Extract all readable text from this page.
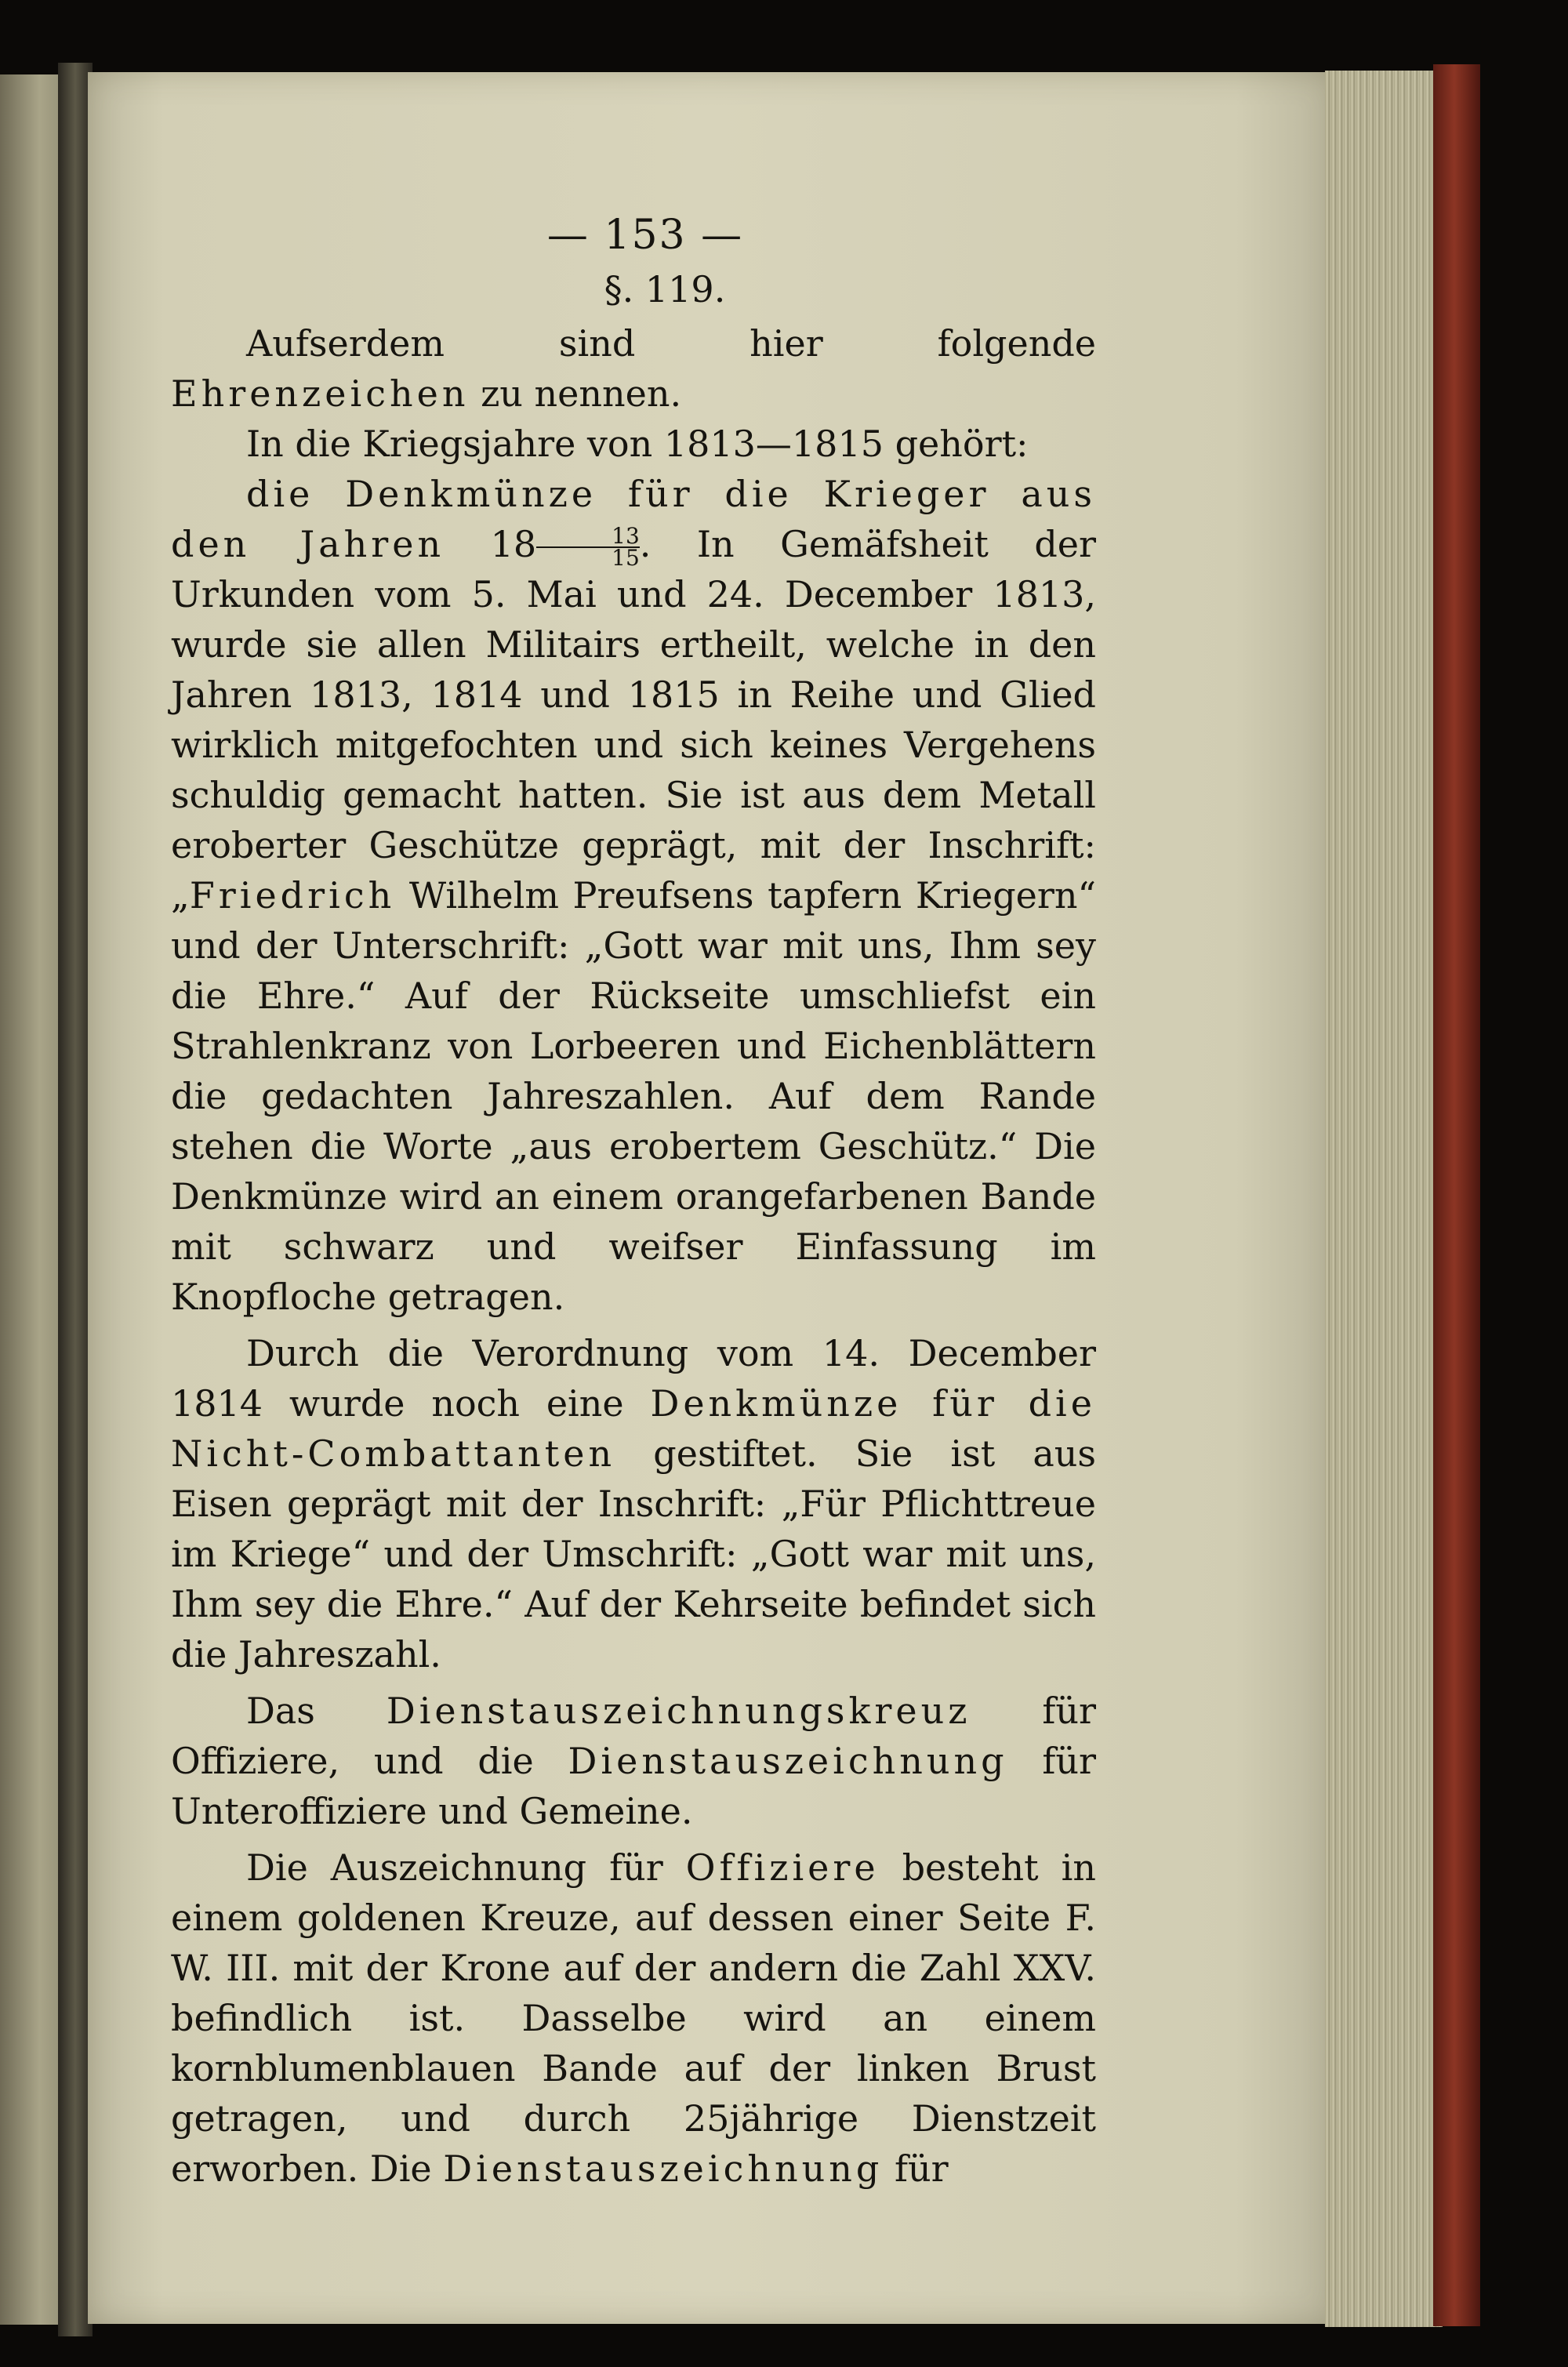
— 153 —
§. 119.

Aufserdem sind hier folgende Ehrenzeichen zu nennen.

In die Kriegsjahre von 1813—1815 gehört:

die Denkmünze für die Krieger aus den Jahren $18 \frac{13}{15}$ . In Gemäfsheit der Urkunden vom 5. Mai und 24. December 1813, wurde sie allen Militairs ertheilt, welche in den Jahren 1813, 1814 und 1815 in Reihe und Glied wirklich mitgefochten und sich keines Vergehens schuldig gemacht hatten. Sie ist aus dem Metall eroberter Geschütze geprägt, mit der Inschrift: „Friedrich Wilhelm Preufsens tapfern Kriegern“ und der Unterschrift: „Gott war mit uns, Ihm sey die Ehre.“ Auf der Rückseite umschliefst ein Strahlenkranz von Lorbeeren und Eichenblättern die gedachten Jahreszahlen. Auf dem Rande stehen die Worte „aus erobertem Geschütz.“ Die Denkmünze wird an einem orangefarbenen Bande mit schwarz und weifser Einfassung im Knopfloche getragen.

Durch die Verordnung vom 14. December 1814 wurde noch eine Denkmünze für die Nicht-Combattanten gestiftet. Sie ist aus Eisen geprägt mit der Inschrift: „Für Pflichttreue im Kriege“ und der Umschrift: „Gott war mit uns, Ihm sey die Ehre.“ Auf der Kehrseite befindet sich die Jahreszahl.

Das Dienstauszeichnungskreuz für Offiziere, und die Dienstauszeichnung für Unteroffiziere und Gemeine.

Die Auszeichnung für Offiziere besteht in einem goldenen Kreuze, auf dessen einer Seite F. W. III. mit der Krone auf der andern die Zahl XXV. befindlich ist. Dasselbe wird an einem kornblumenblauen Bande auf der linken Brust getragen, und durch 25jährige Dienstzeit erworben. Die Dienstauszeichnung für
